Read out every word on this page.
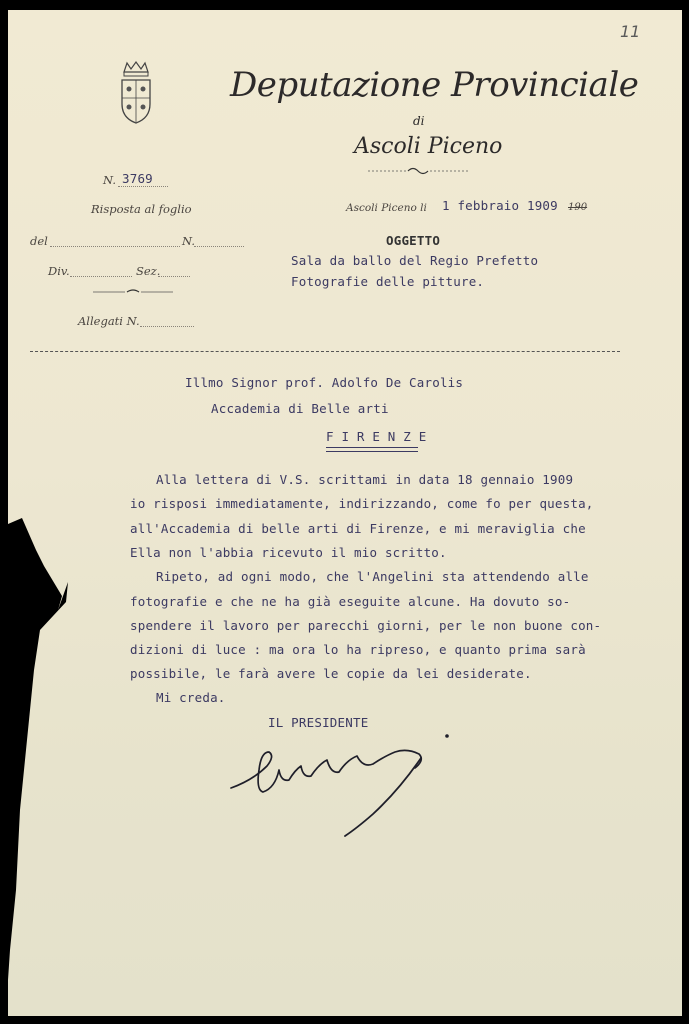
11
Deputazione Provinciale
di
Ascoli Piceno
N. 3769
Risposta al foglio
del	N.
Div.	Sez.
Allegati N.
Ascoli Piceno li 1 febbraio 1909 190
OGGETTO
Sala da ballo del Regio Prefetto
Fotografie delle pitture.
Illmo Signor prof. Adolfo De Carolis
Accademia di Belle arti
F I R E N Z E
Alla lettera di V.S. scrittami in data 18 gennaio 1909
io risposi immediatamente, indirizzando, come fo per questa,
all'Accademia di belle arti di Firenze, e mi meraviglia che
Ella non l'abbia ricevuto il mio scritto.
Ripeto, ad ogni modo, che l'Angelini sta attendendo alle
fotografie e che ne ha già eseguite alcune. Ha dovuto so-
spendere il lavoro per parecchi giorni, per le non buone con-
dizioni di luce : ma ora lo ha ripreso, e quanto prima sarà
possibile, le farà avere le copie da lei desiderate.
Mi creda.
IL PRESIDENTE
